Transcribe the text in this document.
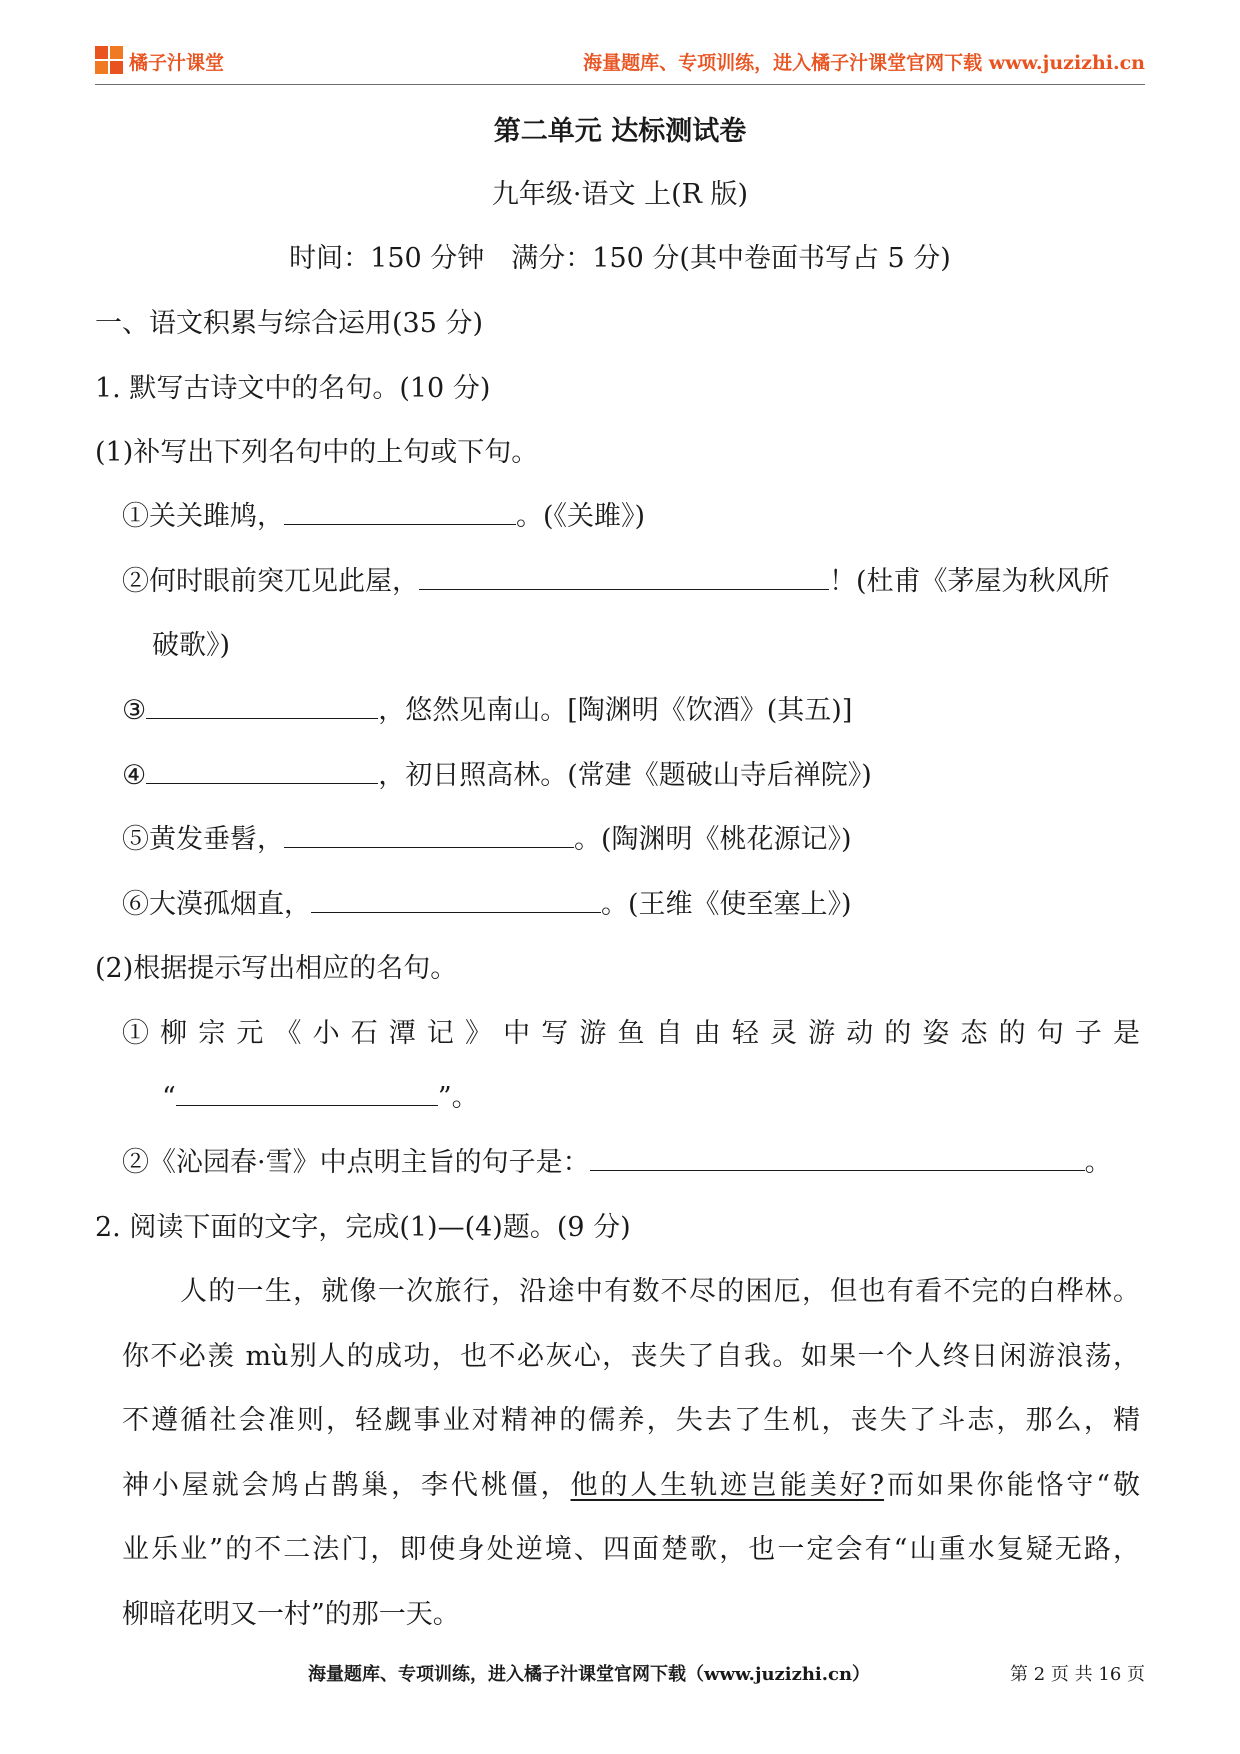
橘子汁课堂	海量题库、专项训练，进入橘子汁课堂官网下载 www.juzizhi.cn
第二单元 达标测试卷
九年级·语文 上(R 版)
时间：150 分钟　满分：150 分(其中卷面书写占 5 分)
一、语文积累与综合运用(35 分)
1. 默写古诗文中的名句。(10 分)
(1)补写出下列名句中的上句或下句。
①关关雎鸠，	。(《关雎》)
②何时眼前突兀见此屋，	！(杜甫《茅屋为秋风所
破歌》)
③	，悠然见南山。[陶渊明《饮酒》(其五)]
④	，初日照高林。(常建《题破山寺后禅院》)
⑤黄发垂髫，	。(陶渊明《桃花源记》)
⑥大漠孤烟直，	。(王维《使至塞上》)
(2)根据提示写出相应的名句。
①柳宗元《小石潭记》中写游鱼自由轻灵游动的姿态的句子是
“	”。
②《沁园春·雪》中点明主旨的句子是：	。
2. 阅读下面的文字，完成(1)—(4)题。(9 分)
人的一生，就像一次旅行，沿途中有数不尽的困厄，但也有看不完的白桦林。
你不必羡 mù别人的成功，也不必灰心，丧失了自我。如果一个人终日闲游浪荡，
不遵循社会准则，轻觑事业对精神的儒养，失去了生机，丧失了斗志，那么，精
神小屋就会鸠占鹊巢，李代桃僵，他的人生轨迹岂能美好?而如果你能恪守“敬
业乐业”的不二法门，即使身处逆境、四面楚歌，也一定会有“山重水复疑无路，
柳暗花明又一村”的那一天。
海量题库、专项训练，进入橘子汁课堂官网下载（www.juzizhi.cn）	第 2 页 共 16 页
